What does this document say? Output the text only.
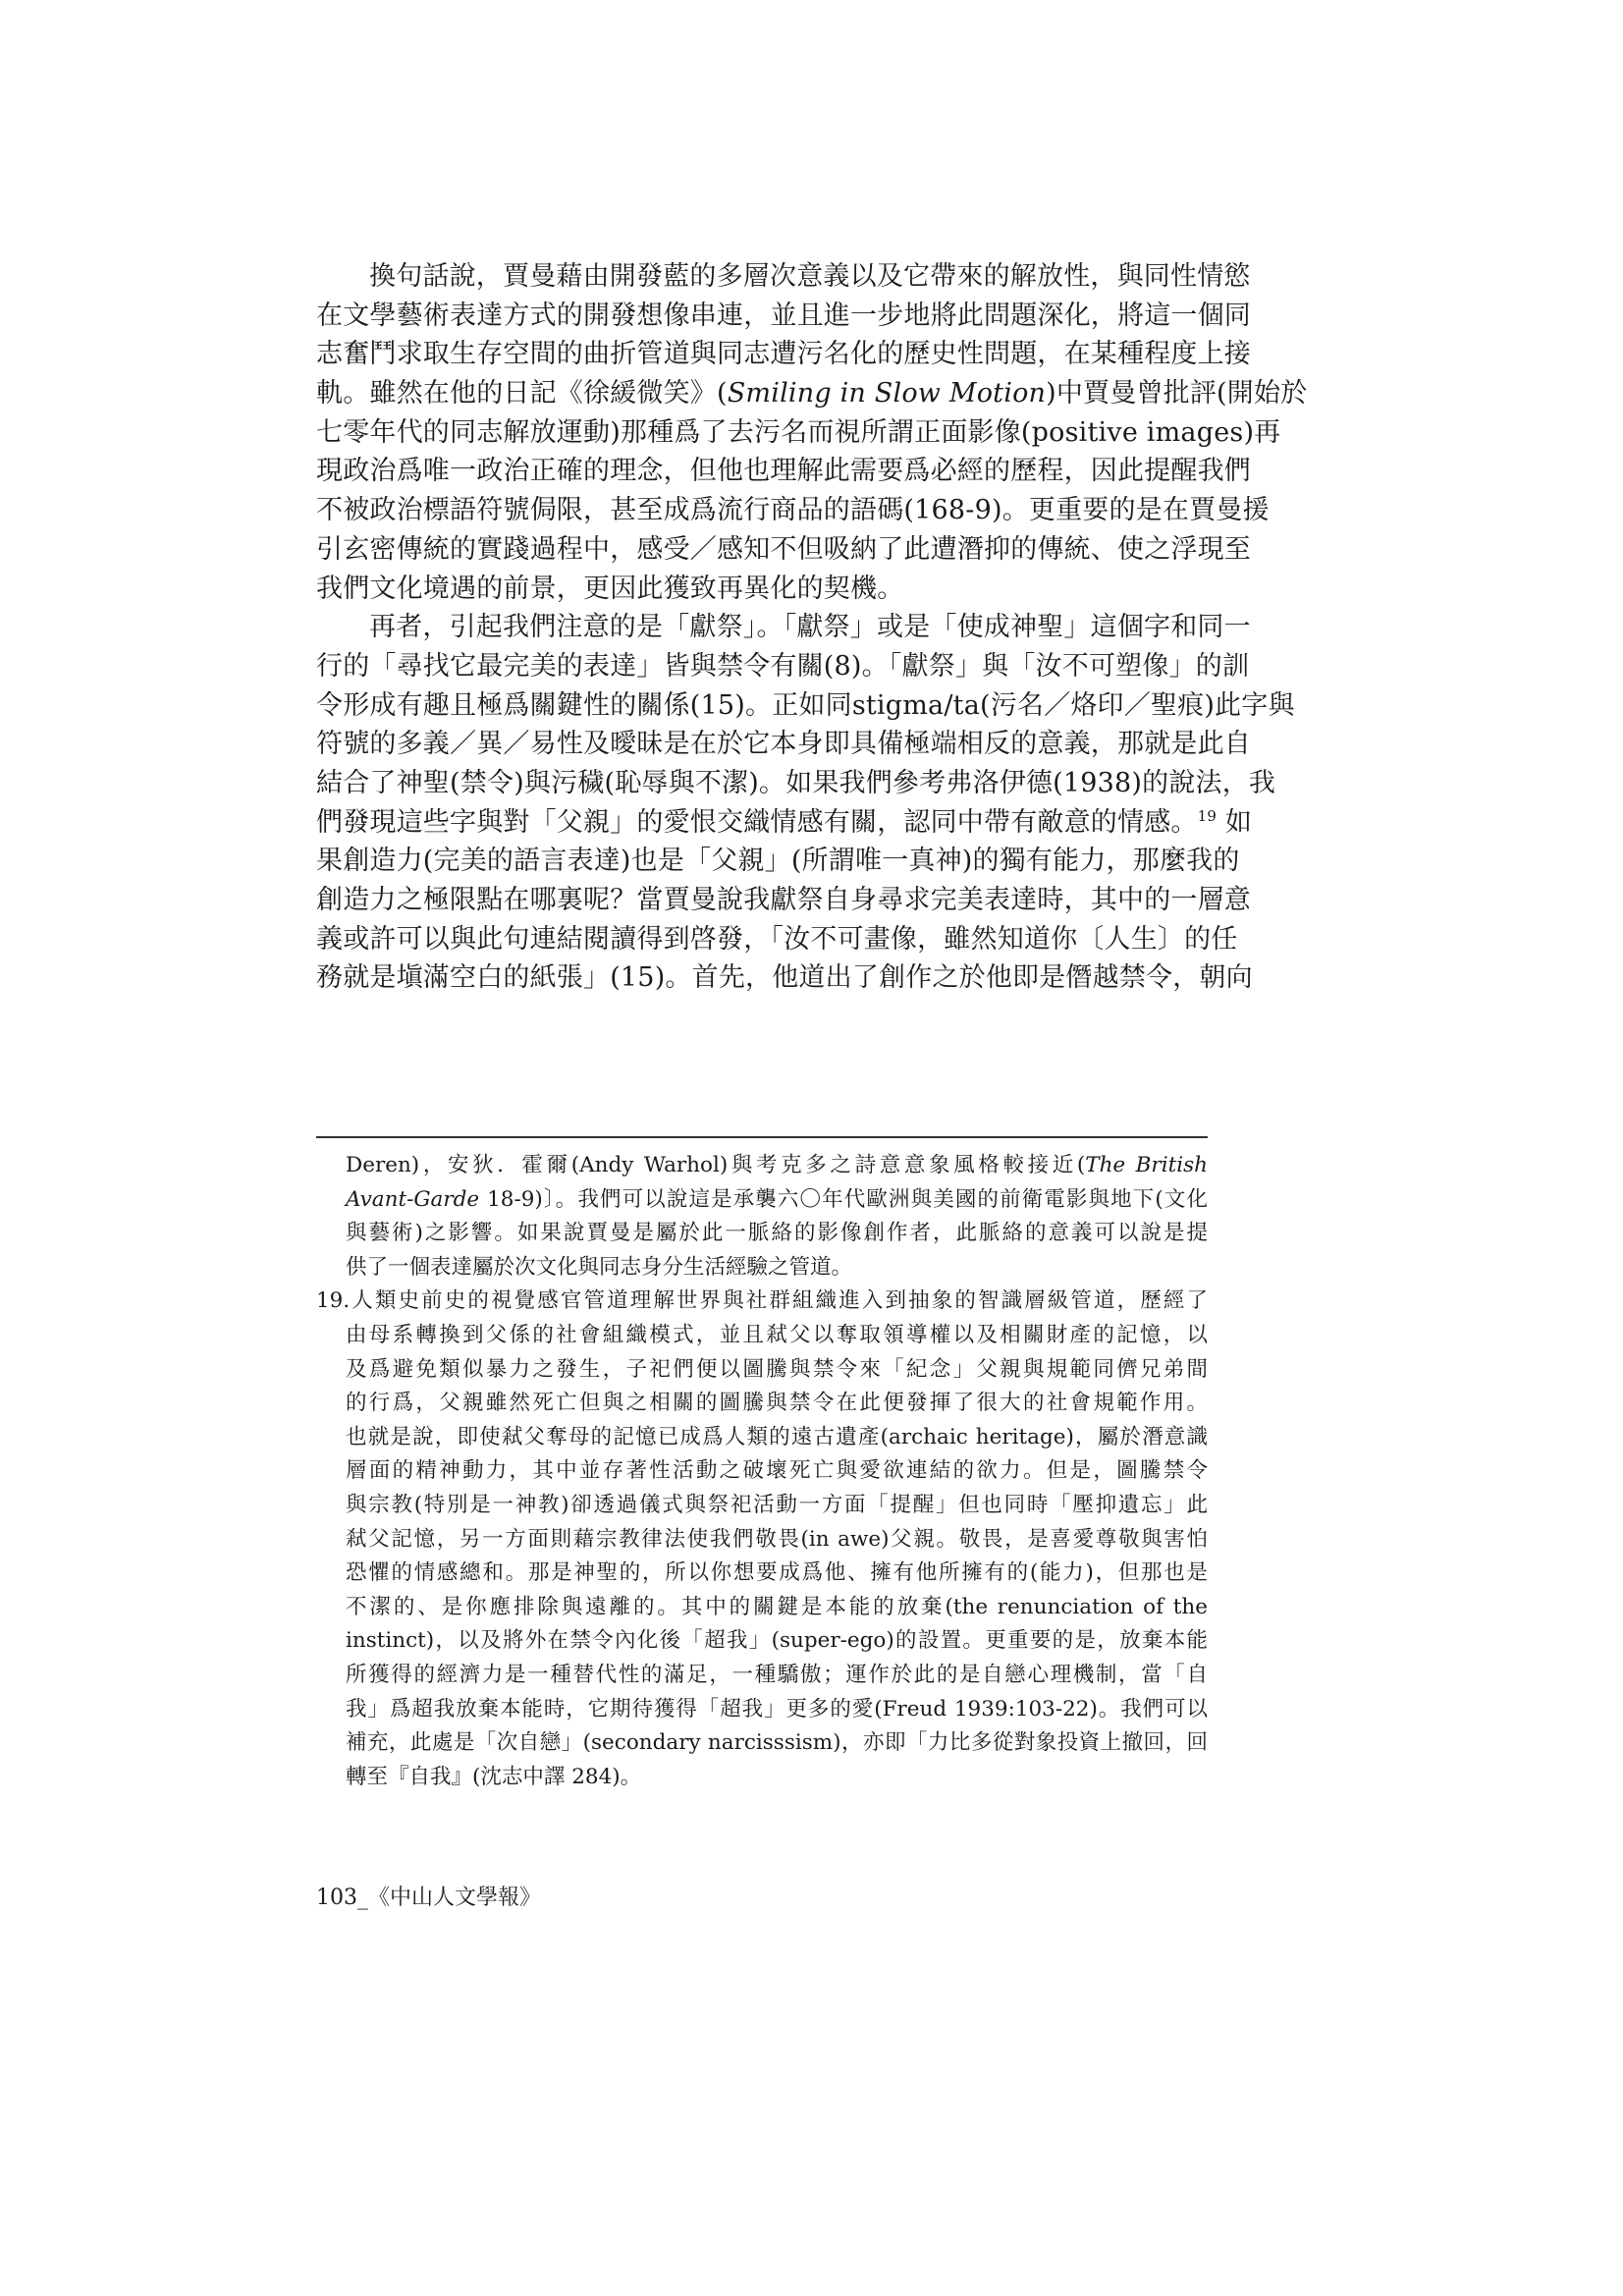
換句話說，賈曼藉由開發藍的多層次意義以及它帶來的解放性，與同性情慾
在文學藝術表達方式的開發想像串連，並且進一步地將此問題深化，將這一個同
志奮鬥求取生存空間的曲折管道與同志遭污名化的歷史性問題，在某種程度上接
軌。雖然在他的日記《徐緩微笑》(Smiling in Slow Motion)中賈曼曾批評(開始於
七零年代的同志解放運動)那種爲了去污名而視所謂正面影像(positive images)再
現政治爲唯一政治正確的理念，但他也理解此需要爲必經的歷程，因此提醒我們
不被政治標語符號侷限，甚至成爲流行商品的語碼(168-9)。更重要的是在賈曼援
引玄密傳統的實踐過程中，感受／感知不但吸納了此遭潛抑的傳統、使之浮現至
我們文化境遇的前景，更因此獲致再異化的契機。
再者，引起我們注意的是「獻祭」。「獻祭」或是「使成神聖」這個字和同一
行的「尋找它最完美的表達」皆與禁令有關(8)。「獻祭」與「汝不可塑像」的訓
令形成有趣且極爲關鍵性的關係(15)。正如同stigma/ta(污名／烙印／聖痕)此字與
符號的多義／異／易性及曖昧是在於它本身即具備極端相反的意義，那就是此自
結合了神聖(禁令)與污穢(恥辱與不潔)。如果我們參考弗洛伊德(1938)的說法，我
們發現這些字與對「父親」的愛恨交織情感有關，認同中帶有敵意的情感。$^{19}$ 如
果創造力(完美的語言表達)也是「父親」(所謂唯一真神)的獨有能力，那麼我的
創造力之極限點在哪裏呢？當賈曼說我獻祭自身尋求完美表達時，其中的一層意
義或許可以與此句連結閱讀得到啓發，「汝不可畫像，雖然知道你〔人生〕的任
務就是塡滿空白的紙張」(15)。首先，他道出了創作之於他即是僭越禁令，朝向
Deren)，安狄．霍爾(Andy Warhol)與考克多之詩意意象風格較接近(The British
Avant-Garde 18-9)〕。我們可以說這是承襲六〇年代歐洲與美國的前衛電影與地下(文化
與藝術)之影響。如果說賈曼是屬於此一脈絡的影像創作者，此脈絡的意義可以說是提
供了一個表達屬於次文化與同志身分生活經驗之管道。
19.人類史前史的視覺感官管道理解世界與社群組織進入到抽象的智識層級管道，歷經了
由母系轉換到父係的社會組織模式，並且弒父以奪取領導權以及相關財產的記憶，以
及爲避免類似暴力之發生，子祀們便以圖騰與禁令來「紀念」父親與規範同儕兄弟間
的行爲，父親雖然死亡但與之相關的圖騰與禁令在此便發揮了很大的社會規範作用。
也就是說，即使弒父奪母的記憶已成爲人類的遠古遺產(archaic heritage)，屬於潛意識
層面的精神動力，其中並存著性活動之破壞死亡與愛欲連結的欲力。但是，圖騰禁令
與宗教(特別是一神教)卻透過儀式與祭祀活動一方面「提醒」但也同時「壓抑遺忘」此
弒父記憶，另一方面則藉宗教律法使我們敬畏(in awe)父親。敬畏，是喜愛尊敬與害怕
恐懼的情感總和。那是神聖的，所以你想要成爲他、擁有他所擁有的(能力)，但那也是
不潔的、是你應排除與遠離的。其中的關鍵是本能的放棄(the renunciation of the
instinct)，以及將外在禁令內化後「超我」(super-ego)的設置。更重要的是，放棄本能
所獲得的經濟力是一種替代性的滿足，一種驕傲；運作於此的是自戀心理機制，當「自
我」爲超我放棄本能時，它期待獲得「超我」更多的愛(Freud 1939:103-22)。我們可以
補充，此處是「次自戀」(secondary narcisssism)，亦即「力比多從對象投資上撤回，回
轉至『自我』(沈志中譯 284)。
103_《中山人文學報》
